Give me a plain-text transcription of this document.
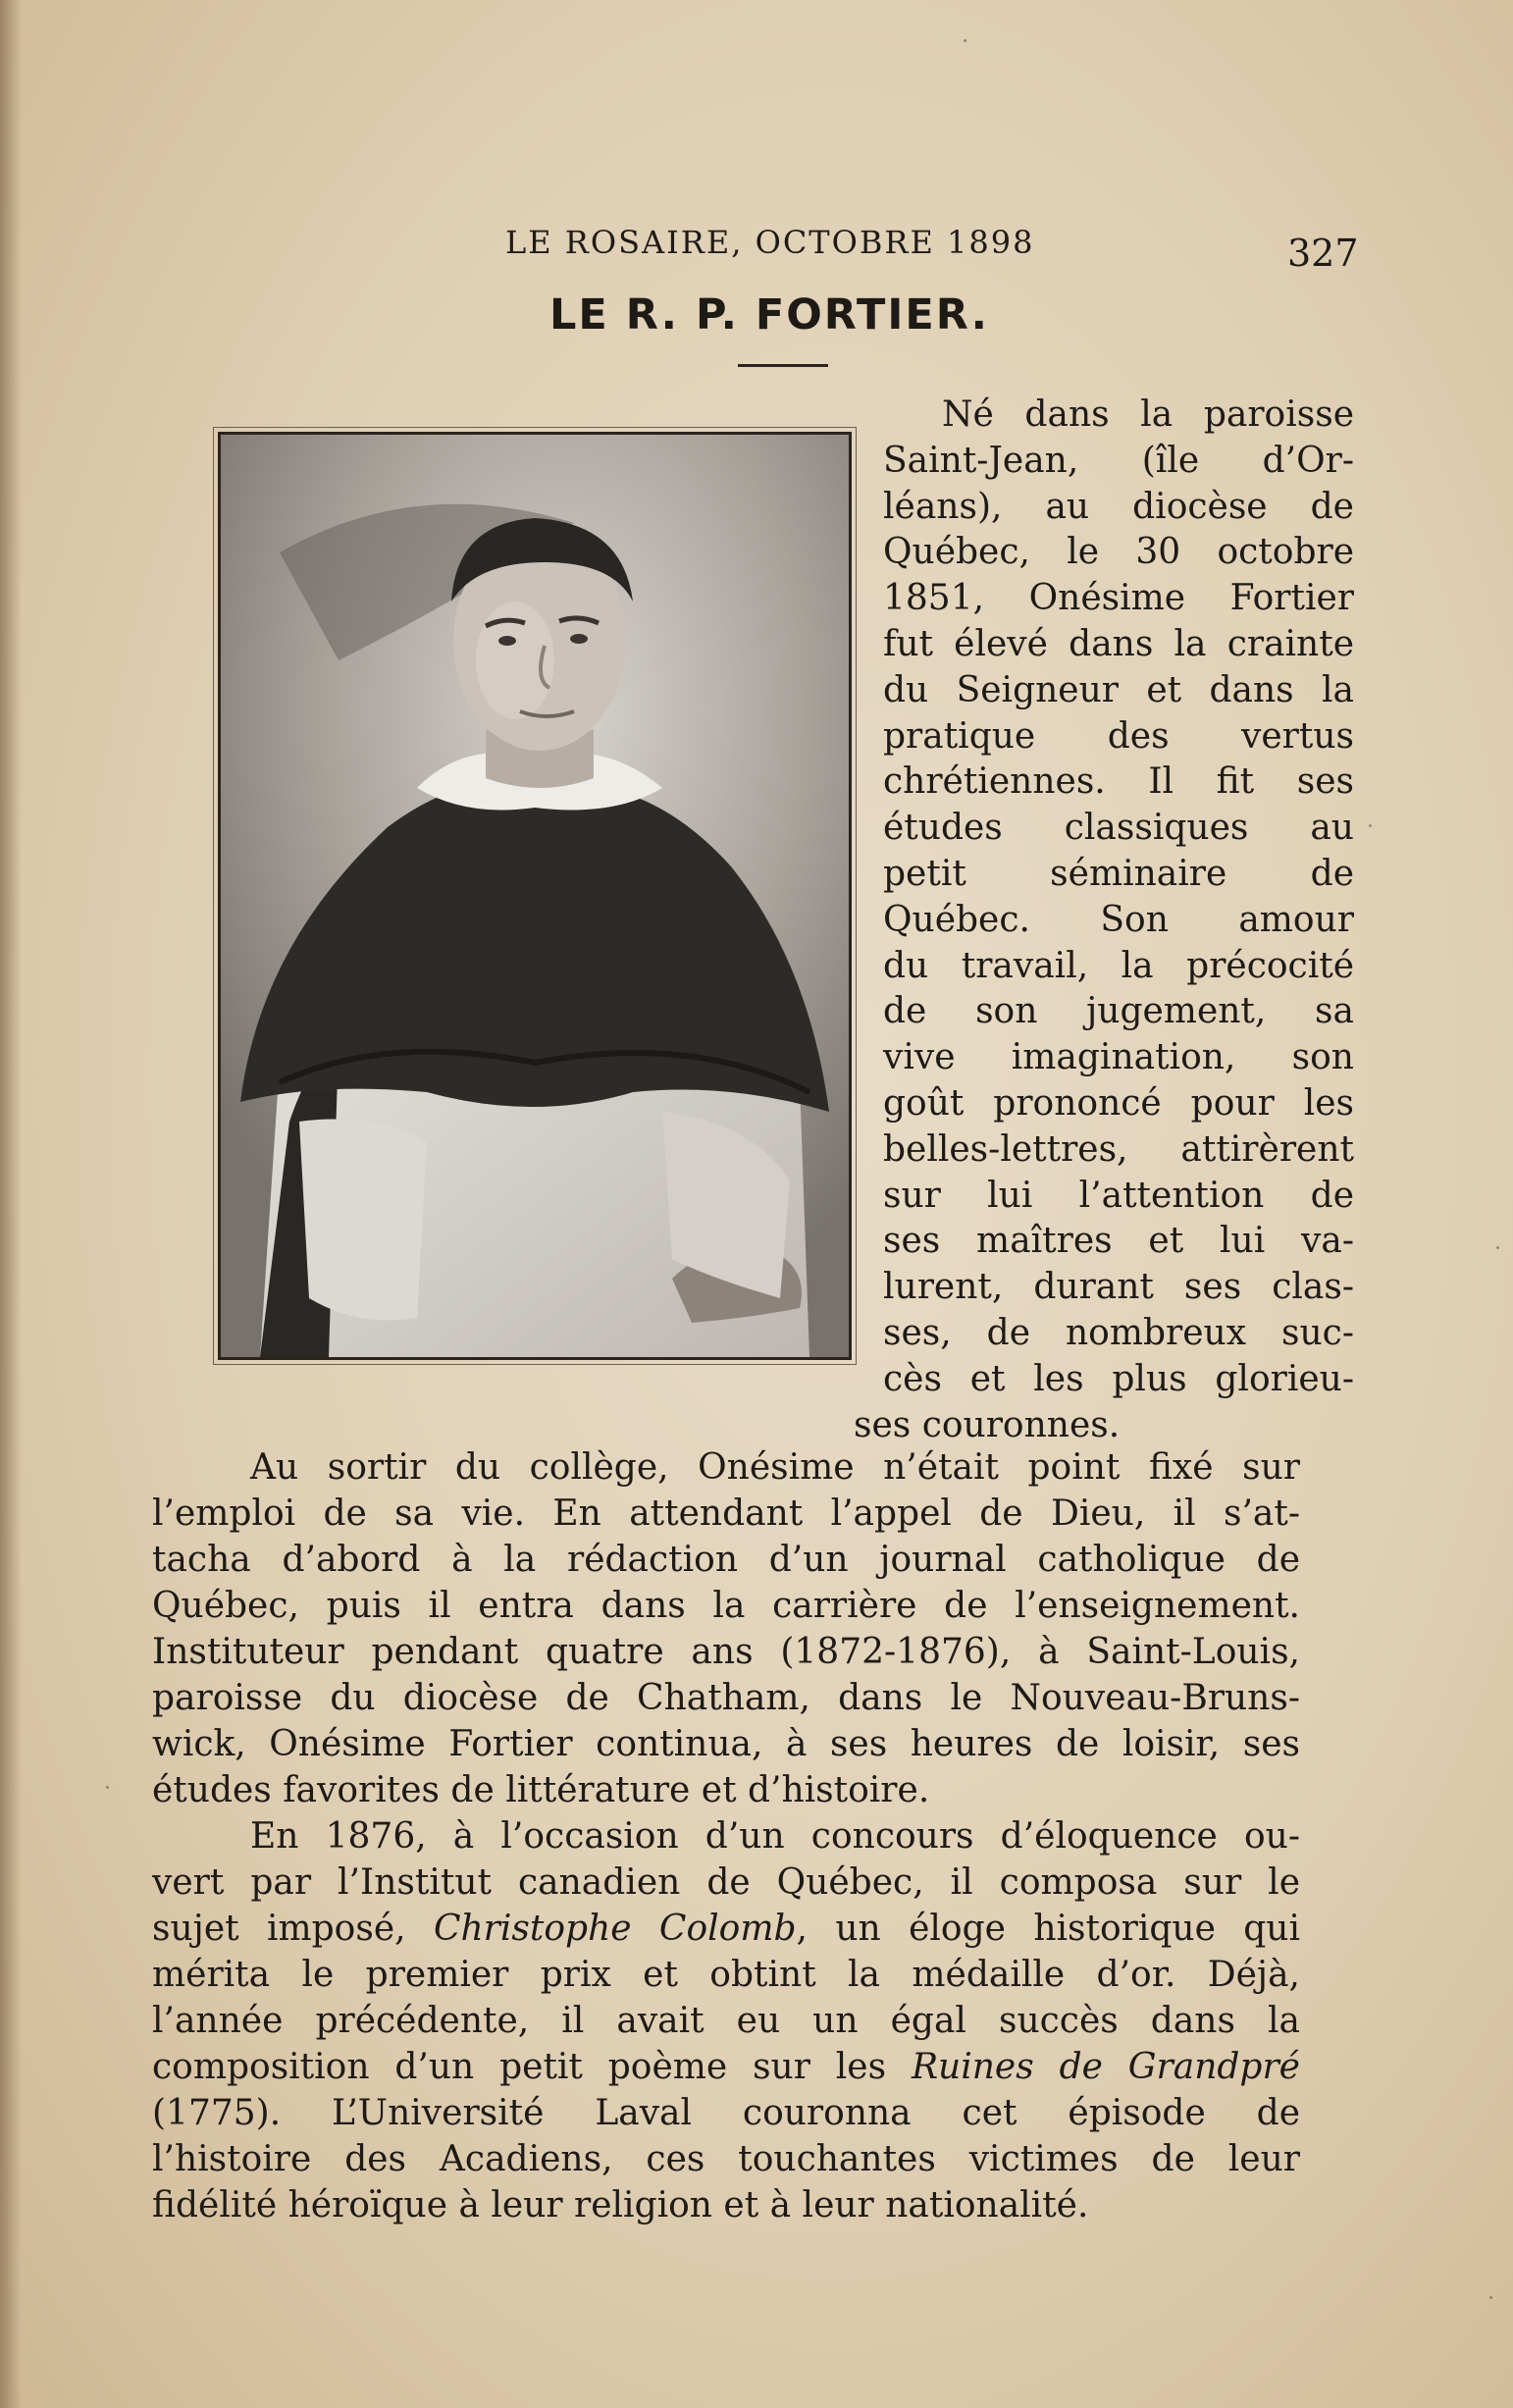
LE ROSAIRE, OCTOBRE 1898	327
LE R. P. FORTIER.
Né dans la paroisse
Saint-Jean, (île d’Or-
léans), au diocèse de
Québec, le 30 octobre
1851, Onésime Fortier
fut élevé dans la crainte
du Seigneur et dans la
pratique des vertus
chrétiennes. Il fit ses
études classiques au
petit séminaire de
Québec. Son amour
du travail, la précocité
de son jugement, sa
vive imagination, son
goût prononcé pour les
belles-lettres, attirèrent
sur lui l’attention de
ses maîtres et lui va-
lurent, durant ses clas-
ses, de nombreux suc-
cès et les plus glorieu-
ses couronnes.
Au sortir du collège, Onésime n’était point fixé sur
l’emploi de sa vie. En attendant l’appel de Dieu, il s’at-
tacha d’abord à la rédaction d’un journal catholique de
Québec, puis il entra dans la carrière de l’enseignement.
Instituteur pendant quatre ans (1872-1876), à Saint-Louis,
paroisse du diocèse de Chatham, dans le Nouveau-Bruns-
wick, Onésime Fortier continua, à ses heures de loisir, ses
études favorites de littérature et d’histoire.
En 1876, à l’occasion d’un concours d’éloquence ou-
vert par l’Institut canadien de Québec, il composa sur le
sujet imposé, Christophe Colomb, un éloge historique qui
mérita le premier prix et obtint la médaille d’or. Déjà,
l’année précédente, il avait eu un égal succès dans la
composition d’un petit poème sur les Ruines de Grandpré
(1775). L’Université Laval couronna cet épisode de
l’histoire des Acadiens, ces touchantes victimes de leur
fidélité héroïque à leur religion et à leur nationalité.
